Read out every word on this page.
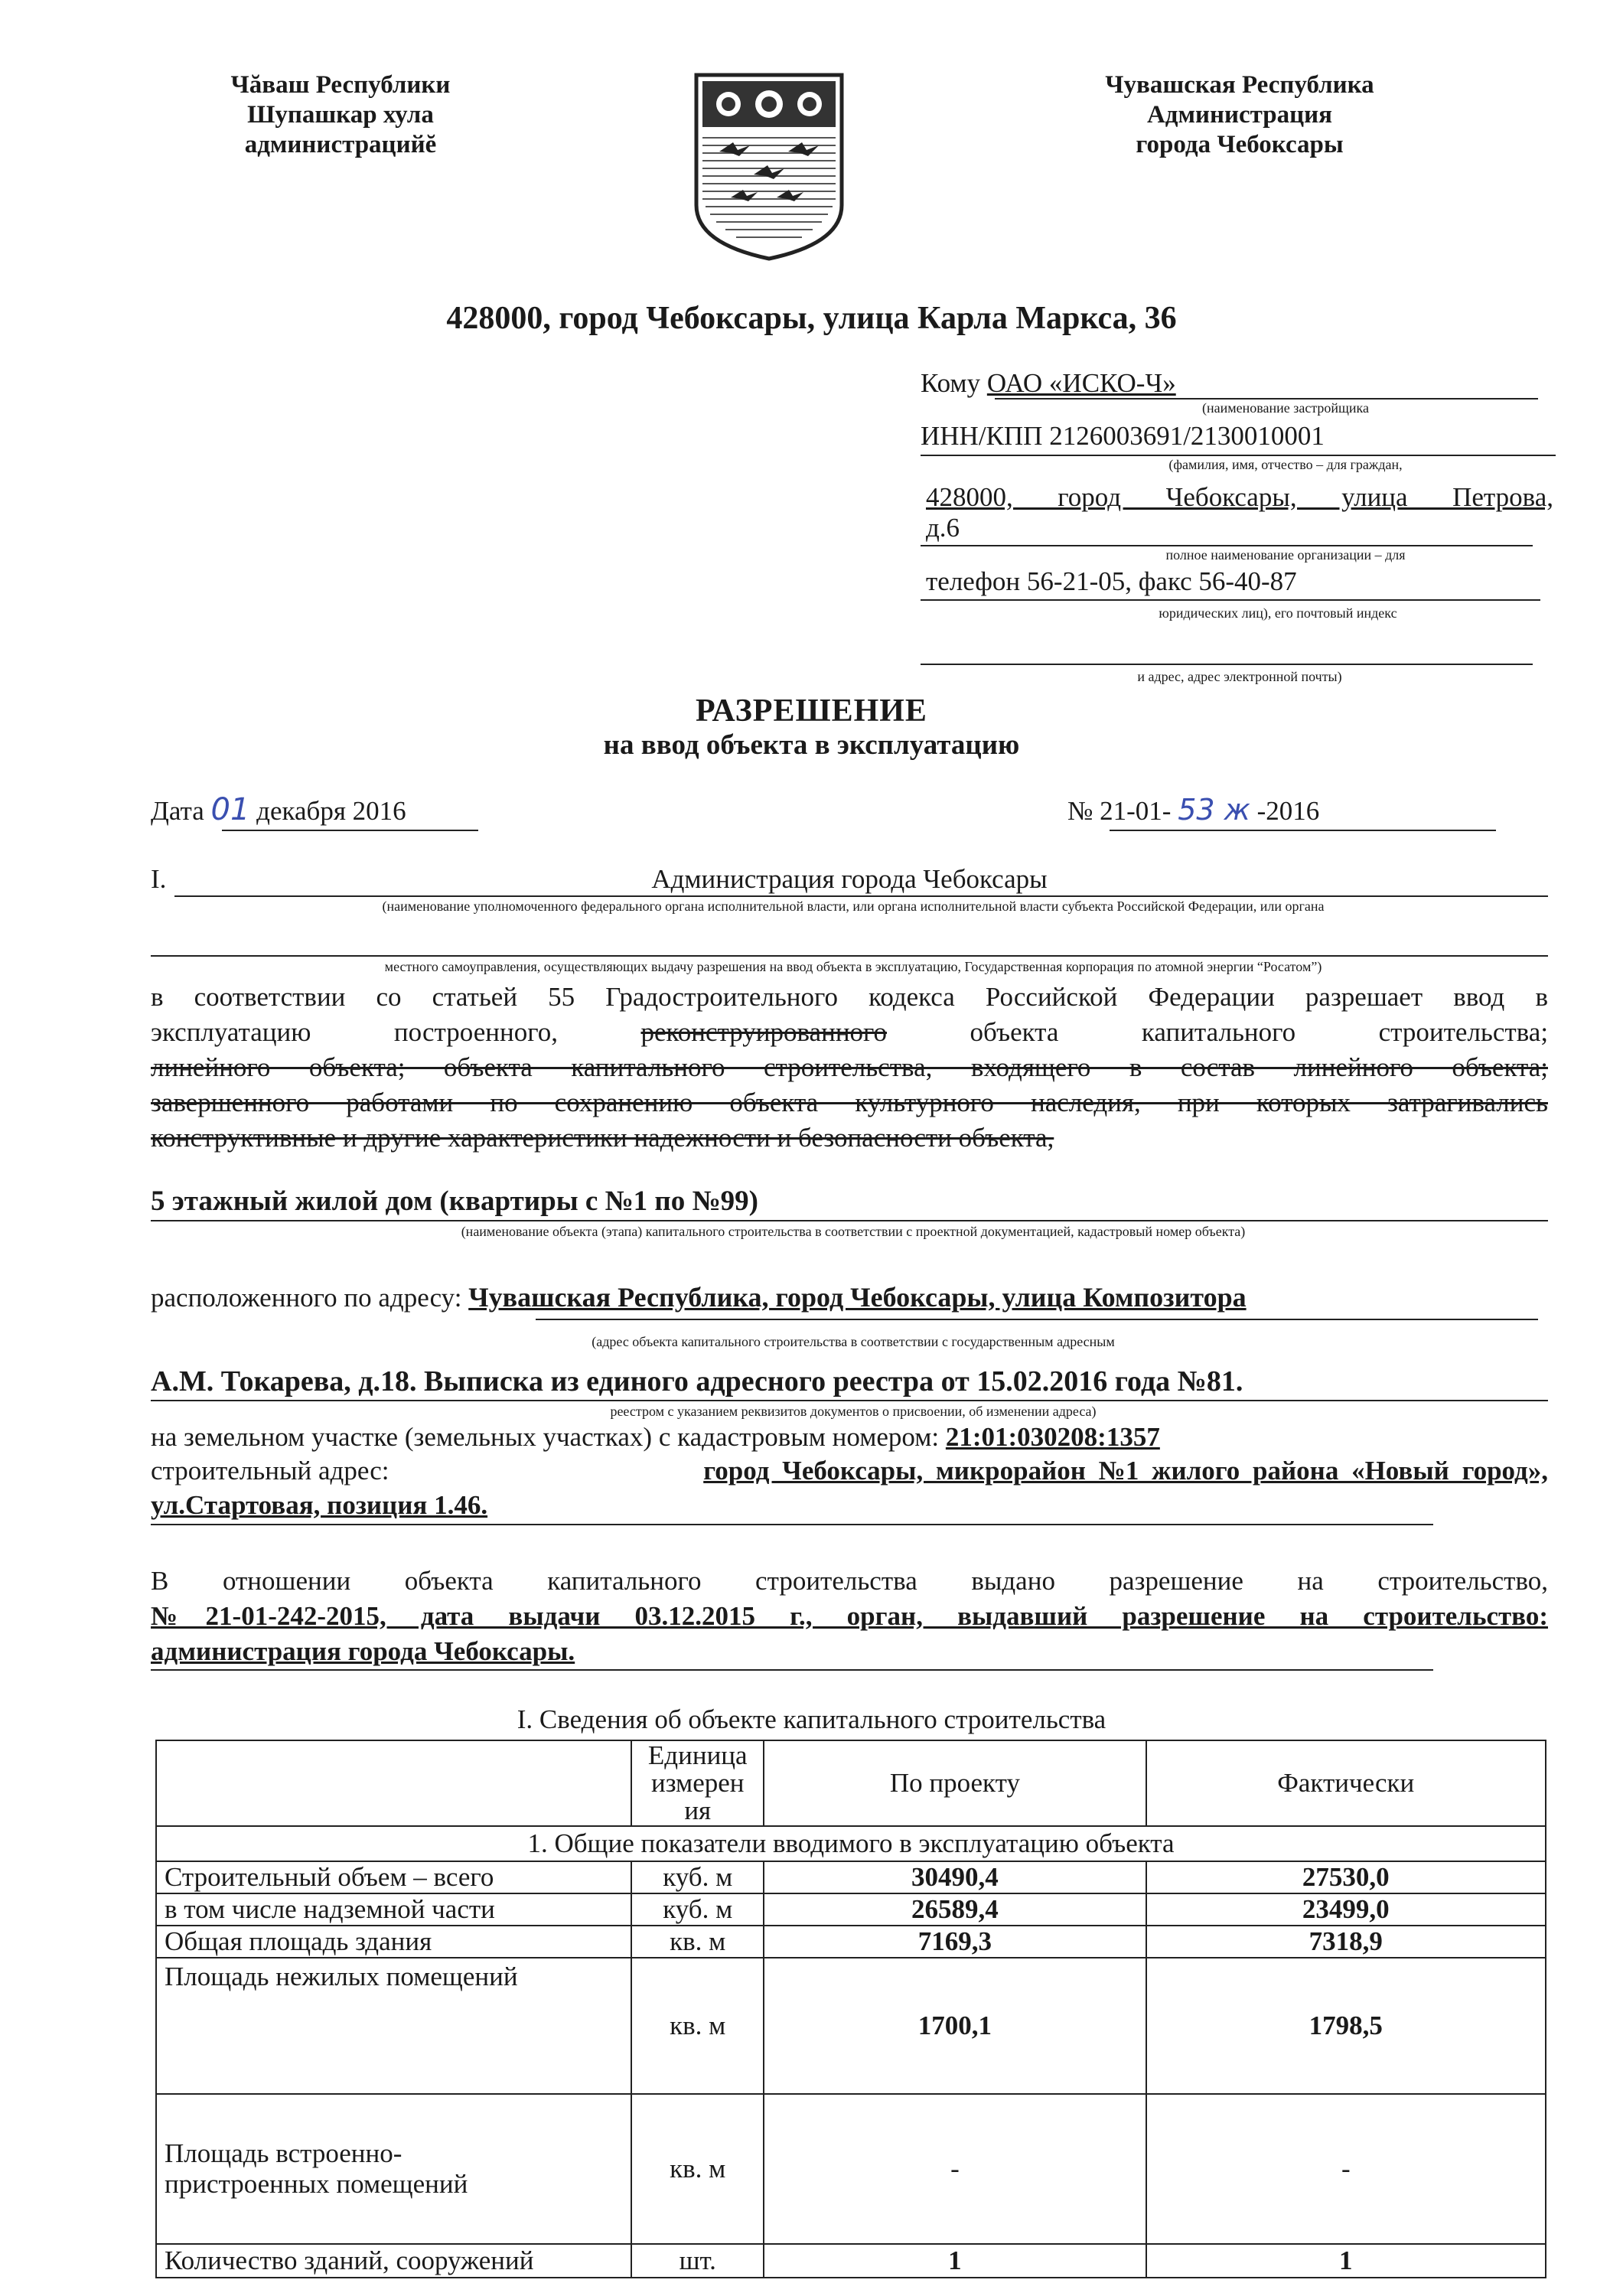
Чăваш Республики
Шупашкар хула
администрацийĕ
Чувашская Республика
Администрация
города Чебоксары
428000, город Чебоксары, улица Карла Маркса, 36
Кому ОАО «ИСКО-Ч»
(наименование застройщика
ИНН/КПП 2126003691/2130010001
(фамилия, имя, отчество – для граждан,
428000, город Чебоксары, улица Петрова,
д.6
полное наименование организации – для
телефон 56-21-05, факс 56-40-87
юридических лиц), его почтовый индекс
и адрес, адрес электронной почты)
РАЗРЕШЕНИЕ
на ввод объекта в эксплуатацию
Дата 01 декабря 2016	№ 21-01- 53 ж -2016
I.	Администрация города Чебоксары
(наименование уполномоченного федерального органа исполнительной власти, или органа исполнительной власти субъекта Российской Федерации, или органа
местного самоуправления, осуществляющих выдачу разрешения на ввод объекта в эксплуатацию, Государственная корпорация по атомной энергии “Росатом”)
в соответствии со статьей 55 Градостроительного кодекса Российской Федерации разрешает ввод в
эксплуатацию построенного,	реконструированного	объекта капитального строительства;
линейного объекта; объекта капитального строительства, входящего в состав линейного объекта;
завершенного работами по сохранению объекта культурного наследия, при которых затрагивались
конструктивные и другие характеристики надежности и безопасности объекта,
5 этажный жилой дом (квартиры с №1 по №99)
(наименование объекта (этапа) капитального строительства в соответствии с проектной документацией, кадастровый номер объекта)
расположенного по адресу: Чувашская Республика, город Чебоксары, улица Композитора
(адрес объекта капитального строительства в соответствии с государственным адресным
А.М. Токарева, д.18. Выписка из единого адресного реестра от 15.02.2016 года №81.
реестром с указанием реквизитов документов о присвоении, об изменении адреса)
на земельном участке (земельных участках) с кадастровым номером: 21:01:030208:1357
строительный адрес:	город Чебоксары, микрорайон №1 жилого района «Новый город»,
ул.Стартовая, позиция 1.46.
В отношении объекта капитального строительства выдано разрешение на строительство,
№21-01-242-2015, дата выдачи 03.12.2015 г., орган, выдавший разрешение на строительство:
администрация города Чебоксары.
I. Сведения об объекте капитального строительства

	Единица
измерен
ия	По проекту	Фактически
1. Общие показатели вводимого в эксплуатацию объекта			
Строительный объем – всего	куб. м	30490,4	27530,0
в том числе надземной части	куб. м	26589,4	23499,0
Общая площадь здания	кв. м	7169,3	7318,9
Площадь нежилых помещений	кв. м	1700,1	1798,5

Площадь встроенно-
пристроенных помещений	кв. м	-	-
Количество зданий, сооружений	шт.	1	1
